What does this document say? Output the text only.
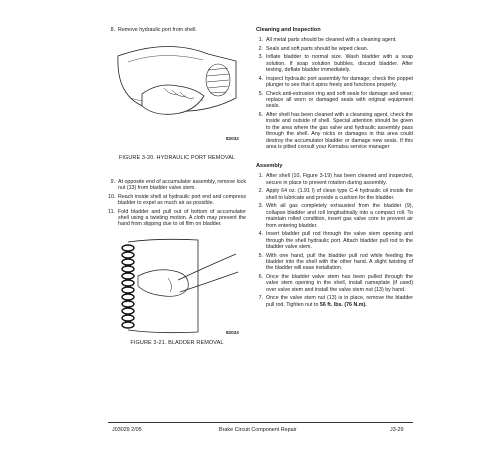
8. Remove hydraulic port from shell.
82032
FIGURE 3-20. HYDRAULIC PORT REMOVAL
9. At opposite end of accumulator assembly, remove lock nut (13) from bladder valve stem.
10. Reach inside shell at hydraulic port end and compress bladder to expel as much air as possible.
11. Fold bladder and pull out of bottom of accumulator shell using a twisting motion. A cloth may prevent the hand from slipping due to oil film on bladder.
82033
FIGURE 3-21. BLADDER REMOVAL
Cleaning and Inspection
1. All metal parts should be cleaned with a cleaning agent.
2. Seals and soft parts should be wiped clean.
3. Inflate bladder to normal size. Wash bladder with a soap solution. If soap solution bubbles, discard bladder. After testing, deflate bladder immediately.
4. Inspect hydraulic port assembly for damage; check the poppet plunger to see that it spins freely and functions properly.
5. Check anti-extrusion ring and soft seals for damage and wear; replace all worn or damaged seals with original equipment seals.
6. After shell has been cleaned with a cleansing agent, check the inside and outside of shell. Special attention should be given to the area where the gas valve and hydraulic assembly pass through the shell. Any nicks or damages in this area could destroy the accumulator bladder or damage new seals. If this area is pitted consult your Komatsu service manager
Assembly
1. After shell (10, Figure 3-19) has been cleaned and inspected, secure in place to prevent rotation during assembly.
2. Apply 64 oz. (1.91 l) of clean type C-4 hydraulic oil inside the shell to lubricate and provide a cushion for the bladder.
3. With all gas completely exhausted from the bladder (9), collapse bladder and roll longitudinally into a compact roll. To maintain rolled condition, insert gas valve core to prevent air from entering bladder.
4. Insert bladder pull rod through the valve stem opening and through the shell hydraulic port. Attach bladder pull rod to the bladder valve stem.
5. With one hand, pull the bladder pull rod while feeding the bladder into the shell with the other hand. A slight twisting of the bladder will ease installation.
6. Once the bladder valve stem has been pulled through the valve stem opening in the shell, install nameplate (if used) over valve stem and install the valve stem nut (13) by hand.
7. Once the valve stem nut (13) is in place, remove the bladder pull rod. Tighten nut to 56 ft. lbs. (76 N.m).
J03029 2/05	Brake Circuit Component Repair	J3-29
